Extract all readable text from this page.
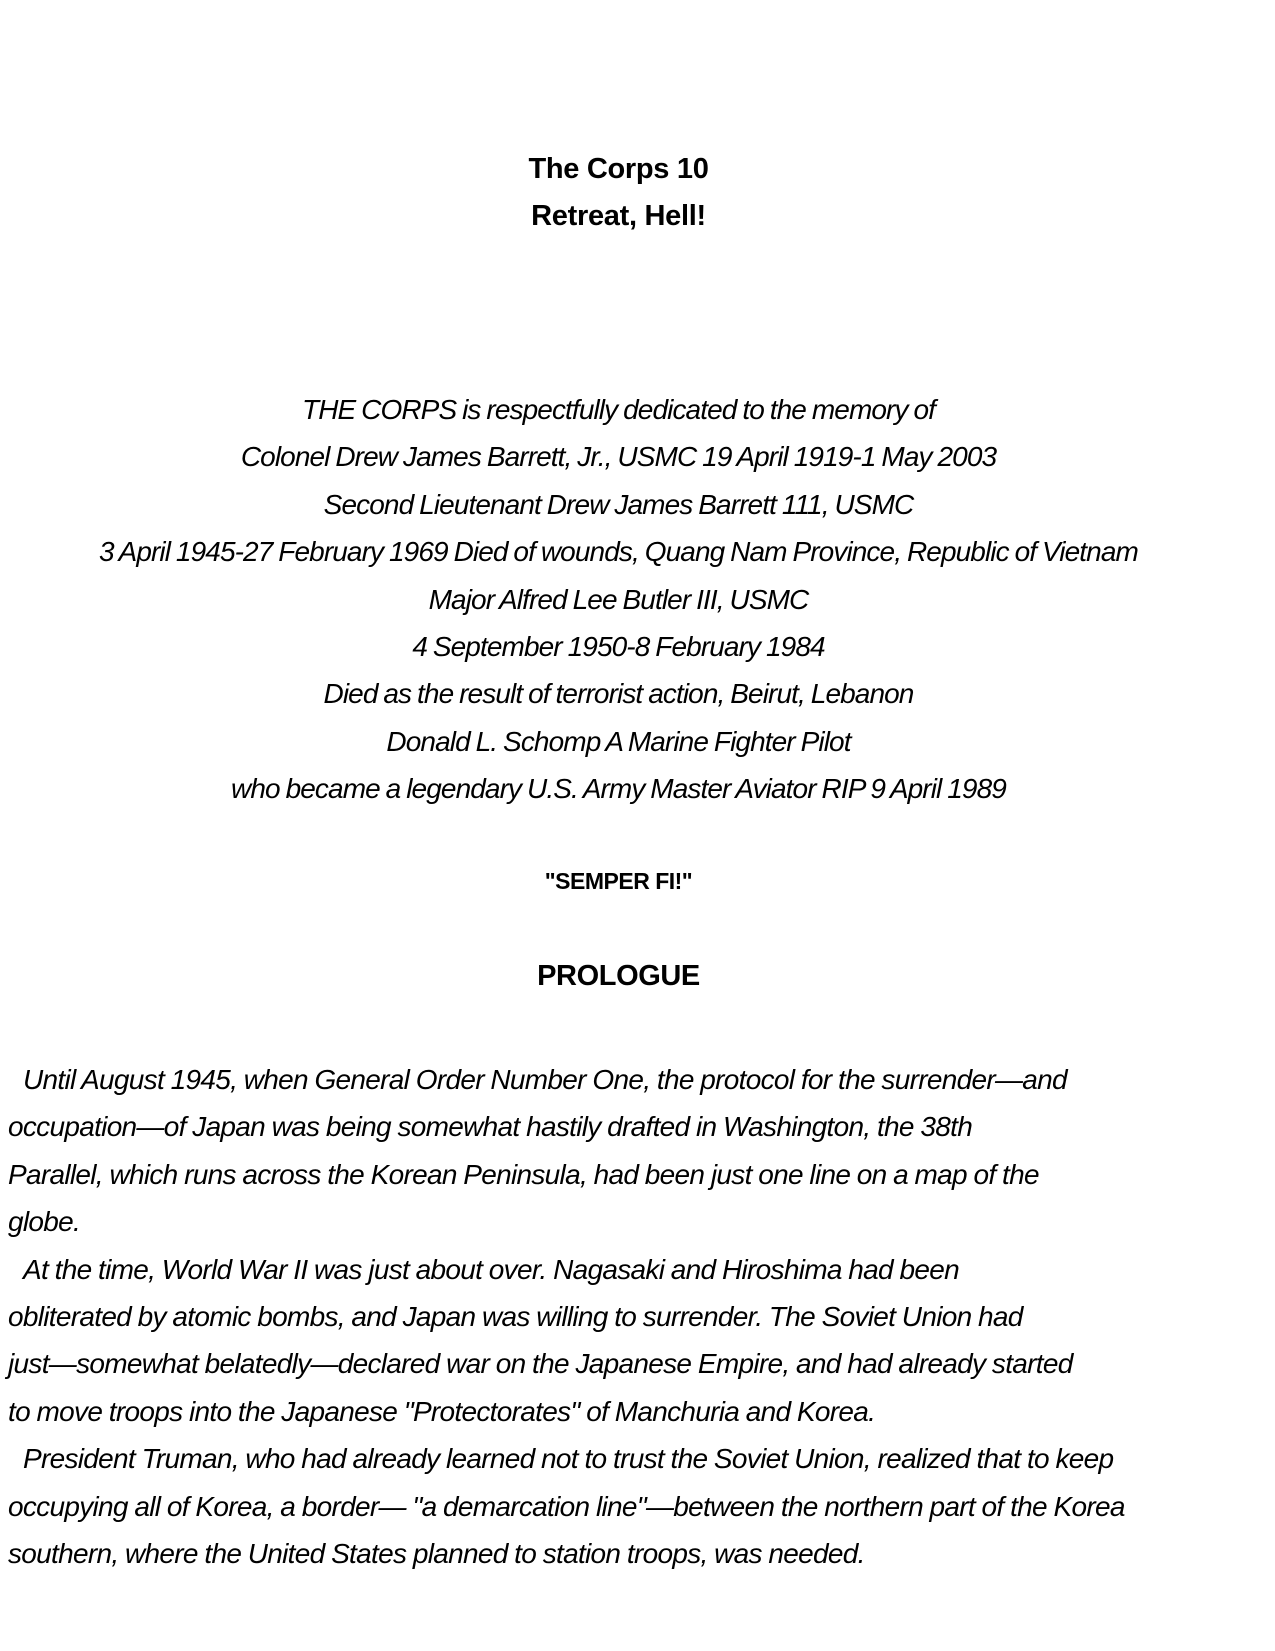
The Corps 10
Retreat, Hell!
THE CORPS is respectfully dedicated to the memory of
Colonel Drew James Barrett, Jr., USMC 19 April 1919-1 May 2003
Second Lieutenant Drew James Barrett 111, USMC
3 April 1945-27 February 1969 Died of wounds, Quang Nam Province, Republic of Vietnam
Major Alfred Lee Butler III, USMC
4 September 1950-8 February 1984
Died as the result of terrorist action, Beirut, Lebanon
Donald L. Schomp A Marine Fighter Pilot
who became a legendary U.S. Army Master Aviator RIP 9 April 1989
"SEMPER FI!"
PROLOGUE
Until August 1945, when General Order Number One, the protocol for the surrender—and
occupation—of Japan was being somewhat hastily drafted in Washington, the 38th
Parallel, which runs across the Korean Peninsula, had been just one line on a map of the
globe.
At the time, World War II was just about over. Nagasaki and Hiroshima had been
obliterated by atomic bombs, and Japan was willing to surrender. The Soviet Union had
just—somewhat belatedly—declared war on the Japanese Empire, and had already started
to move troops into the Japanese "Protectorates" of Manchuria and Korea.
President Truman, who had already learned not to trust the Soviet Union, realized that to keep
occupying all of Korea, a border— "a demarcation line"—between the northern part of the Korea
southern, where the United States planned to station troops, was needed.
